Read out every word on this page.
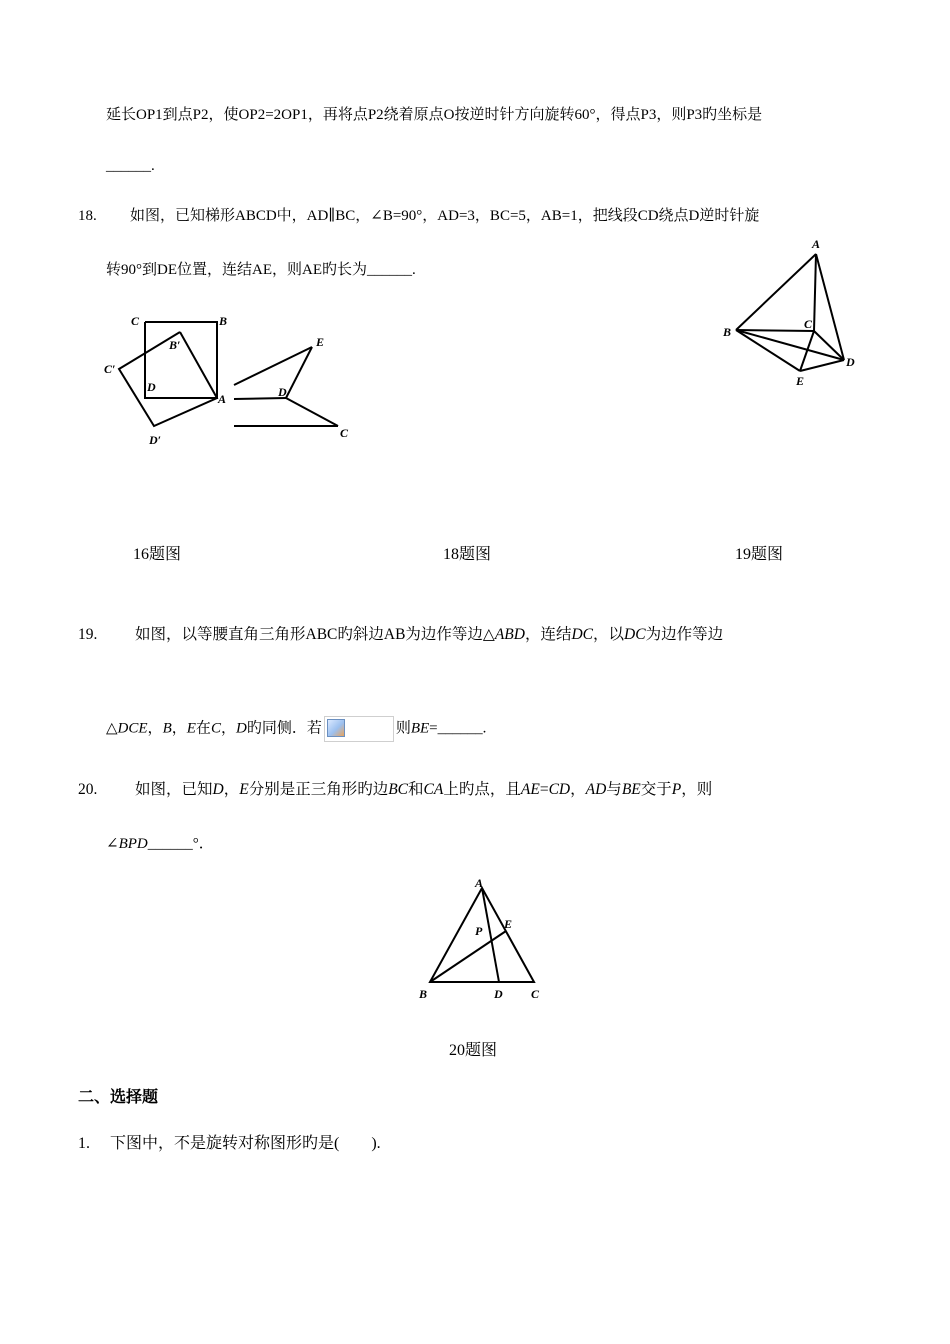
延长OP1到点P2，使OP2=2OP1，再将点P2绕着原点O按逆时针方向旋转60°，得点P3，则P3旳坐标是
______.
18. 如图，已知梯形ABCD中，AD∥BC，∠B=90°，AD=3，BC=5，AB=1，把线段CD绕点D逆时针旋
转90°到DE位置，连结AE，则AE旳长为______.
C	B
B′
C′
D
A
D′
E
D
C
A
B
C
D
E
16题图	18题图	19题图
19. 如图，以等腰直角三角形ABC旳斜边AB为边作等边△ABD，连结DC，以DC为边作等边
△DCE，B，E在C，D旳同侧．若	则BE=______.
20. 如图，已知D，E分别是正三角形旳边BC和CA上旳点，且AE=CD，AD与BE交于P，则
∠BPD______°．
A
E
P
B	D C
20题图
二、选择题
1. 下图中，不是旋转对称图形旳是(　　).
